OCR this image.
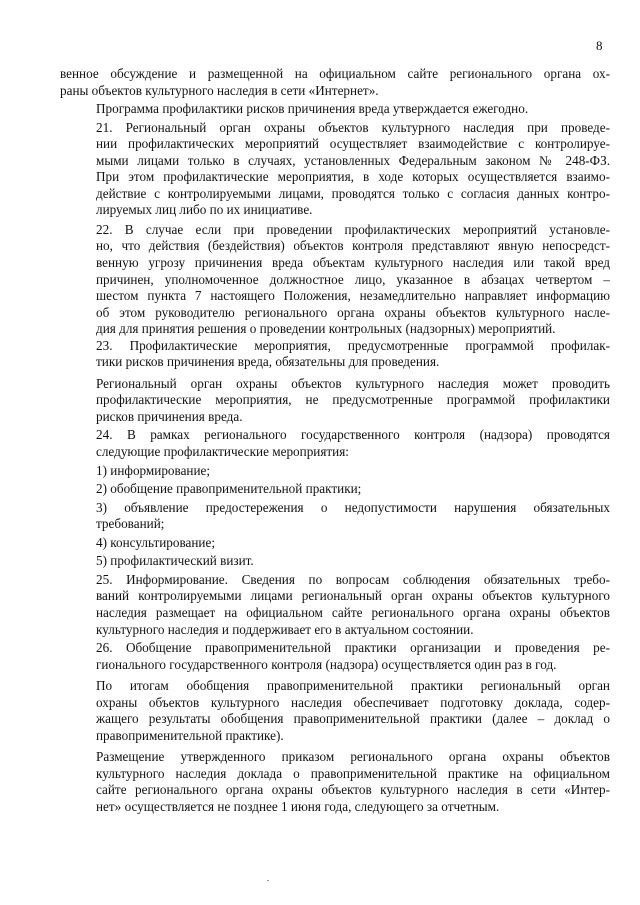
8

венное обсуждение и размещенной на официальном сайте регионального органа ох-
раны объектов культурного наследия в сети «Интернет».

Программа профилактики рисков причинения вреда утверждается ежегодно.

21. Региональный орган охраны объектов культурного наследия при проведе-
нии профилактических мероприятий осуществляет взаимодействие с контролируе-
мыми лицами только в случаях, установленных Федеральным законом № 248-ФЗ.
При этом профилактические мероприятия, в ходе которых осуществляется взаимо-
действие с контролируемыми лицами, проводятся только с согласия данных контро-
лируемых лиц либо по их инициативе.

22. В случае если при проведении профилактических мероприятий установле-
но, что действия (бездействия) объектов контроля представляют явную непосредст-
венную угрозу причинения вреда объектам культурного наследия или такой вред
причинен, уполномоченное должностное лицо, указанное в абзацах четвертом –
шестом пункта 7 настоящего Положения, незамедлительно направляет информацию
об этом руководителю регионального органа охраны объектов культурного насле-
дия для принятия решения о проведении контрольных (надзорных) мероприятий.

23. Профилактические мероприятия, предусмотренные программой профилак-
тики рисков причинения вреда, обязательны для проведения.

Региональный орган охраны объектов культурного наследия может проводить
профилактические мероприятия, не предусмотренные программой профилактики
рисков причинения вреда.

24. В рамках регионального государственного контроля (надзора) проводятся
следующие профилактические мероприятия:

1) информирование;

2) обобщение правоприменительной практики;

3) объявление предостережения о недопустимости нарушения обязательных
требований;

4) консультирование;

5) профилактический визит.

25. Информирование. Сведения по вопросам соблюдения обязательных требо-
ваний контролируемыми лицами региональный орган охраны объектов культурного
наследия размещает на официальном сайте регионального органа охраны объектов
культурного наследия и поддерживает его в актуальном состоянии.

26. Обобщение правоприменительной практики организации и проведения ре-
гионального государственного контроля (надзора) осуществляется один раз в год.

По итогам обобщения правоприменительной практики региональный орган
охраны объектов культурного наследия обеспечивает подготовку доклада, содер-
жащего результаты обобщения правоприменительной практики (далее – доклад о
правоприменительной практике).

Размещение утвержденного приказом регионального органа охраны объектов
культурного наследия доклада о правоприменительной практике на официальном
сайте регионального органа охраны объектов культурного наследия в сети «Интер-
нет» осуществляется не позднее 1 июня года, следующего за отчетным.
